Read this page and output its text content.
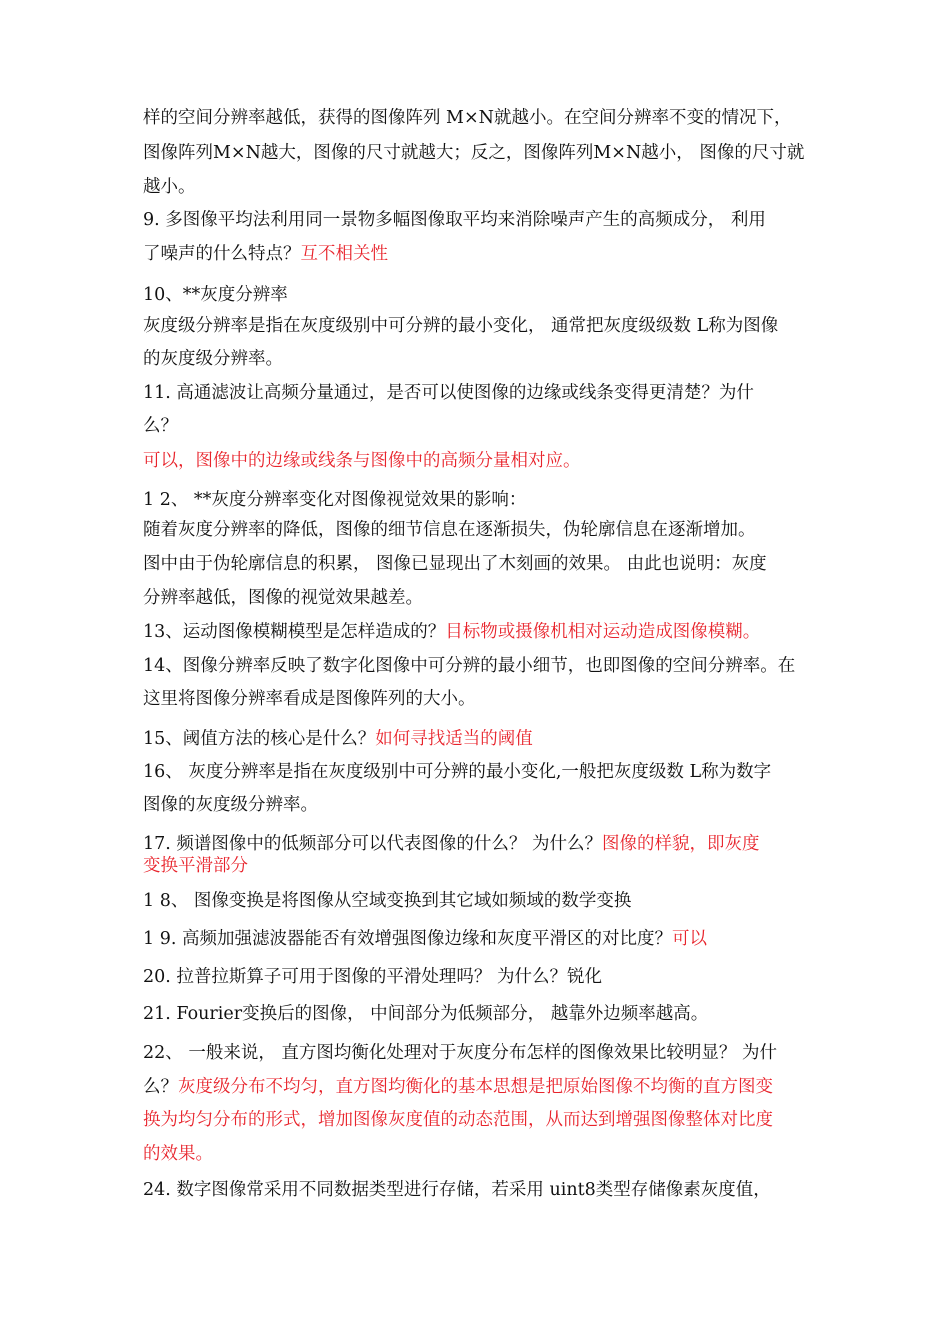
样的空间分辨率越低，获得的图像阵列 M×N就越小。在空间分辨率不变的情况下，
图像阵列M×N越大，图像的尺寸就越大；反之，图像阵列M×N越小， 图像的尺寸就
越小。
9. 多图像平均法利用同一景物多幅图像取平均来消除噪声产生的高频成分， 利用
了噪声的什么特点？互不相关性
10、**灰度分辨率
灰度级分辨率是指在灰度级别中可分辨的最小变化， 通常把灰度级级数 L称为图像
的灰度级分辨率。
11. 高通滤波让高频分量通过，是否可以使图像的边缘或线条变得更清楚？为什
么？
可以，图像中的边缘或线条与图像中的高频分量相对应。
1 2、 **灰度分辨率变化对图像视觉效果的影响：
随着灰度分辨率的降低，图像的细节信息在逐渐损失，伪轮廓信息在逐渐增加。
图中由于伪轮廓信息的积累， 图像已显现出了木刻画的效果。 由此也说明：灰度
分辨率越低，图像的视觉效果越差。
13、运动图像模糊模型是怎样造成的？目标物或摄像机相对运动造成图像模糊。
14、图像分辨率反映了数字化图像中可分辨的最小细节，也即图像的空间分辨率。在
这里将图像分辨率看成是图像阵列的大小。
15、阈值方法的核心是什么？如何寻找适当的阈值
16、 灰度分辨率是指在灰度级别中可分辨的最小变化,一般把灰度级数 L称为数字
图像的灰度级分辨率。
17. 频谱图像中的低频部分可以代表图像的什么？ 为什么？图像的样貌，即灰度
变换平滑部分
1 8、 图像变换是将图像从空域变换到其它域如频域的数学变换
1 9. 高频加强滤波器能否有效增强图像边缘和灰度平滑区的对比度？可以
20. 拉普拉斯算子可用于图像的平滑处理吗？ 为什么？锐化
21. Fourier变换后的图像， 中间部分为低频部分， 越靠外边频率越高。
22、 一般来说， 直方图均衡化处理对于灰度分布怎样的图像效果比较明显？ 为什
么？灰度级分布不均匀，直方图均衡化的基本思想是把原始图像不均衡的直方图变
换为均匀分布的形式，增加图像灰度值的动态范围，从而达到增强图像整体对比度
的效果。
24. 数字图像常采用不同数据类型进行存储，若采用 uint8类型存储像素灰度值，
